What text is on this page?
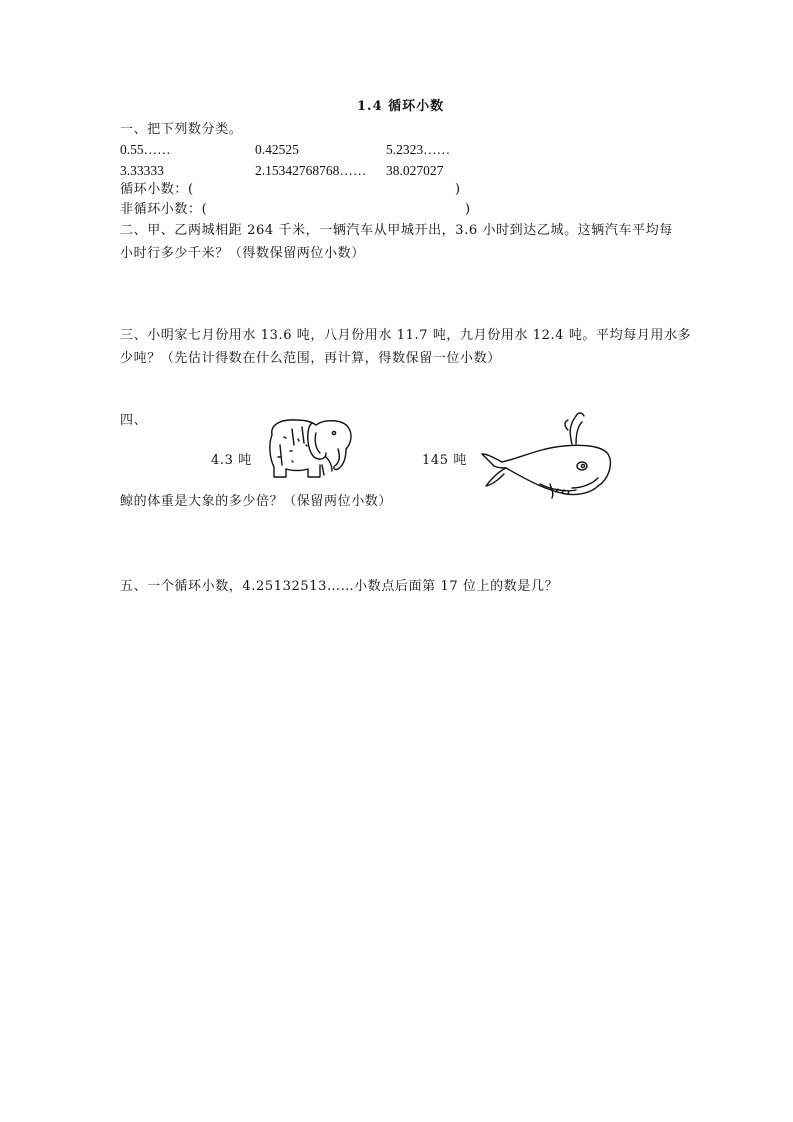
1.4 循环小数
一、把下列数分类。
0.55……	0.42525	5.2323……
3.33333	2.15342768768…… 38.027027
循环小数：(	)
非循环小数：(	)
二、甲、乙两城相距 264 千米，一辆汽车从甲城开出，3.6 小时到达乙城。这辆汽车平均每
小时行多少千米？（得数保留两位小数）
三、小明家七月份用水 13.6 吨，八月份用水 11.7 吨，九月份用水 12.4 吨。平均每月用水多
少吨？（先估计得数在什么范围，再计算，得数保留一位小数）
四、
4.3 吨	145 吨
鲸的体重是大象的多少倍？（保留两位小数）
五、一个循环小数，4.25132513……小数点后面第 17 位上的数是几？
